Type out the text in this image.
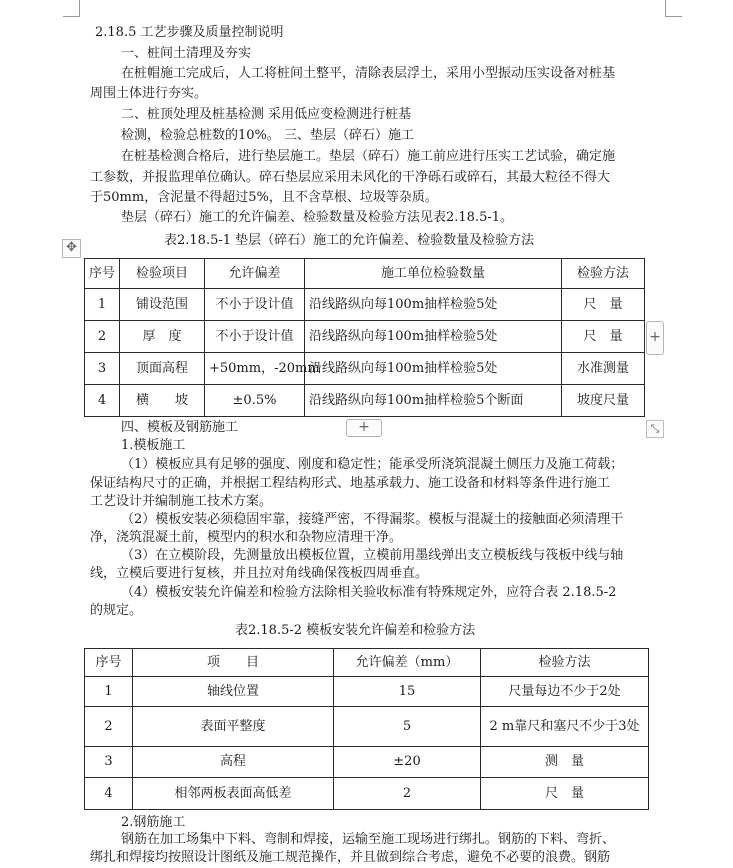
2.18.5 工艺步骤及质量控制说明
一、桩间土清理及夯实
在桩帽施工完成后，人工将桩间土整平，清除表层浮土，采用小型振动压实设备对桩基
周围土体进行夯实。
二、桩顶处理及桩基检测 采用低应变检测进行桩基
检测，检验总桩数的10%。 三、垫层（碎石）施工
在桩基检测合格后，进行垫层施工。垫层（碎石）施工前应进行压实工艺试验，确定施
工参数，并报监理单位确认。碎石垫层应采用未风化的干净砾石或碎石，其最大粒径不得大
于50mm，含泥量不得超过5%，且不含草根、垃圾等杂质。
垫层（碎石）施工的允许偏差、检验数量及检验方法见表2.18.5-1。
表2.18.5-1 垫层（碎石）施工的允许偏差、检验数量及检验方法
✥
序号	检验项目	允许偏差	施工单位检验数量	检验方法
1	铺设范围	不小于设计值	沿线路纵向每100m抽样检验5处	尺　量
2	厚　度	不小于设计值	沿线路纵向每100m抽样检验5处	尺　量
3	顶面高程	+50mm，-20mm	沿线路纵向每100m抽样检验5处	水准测量
4	横　　坡	±0.5%	沿线路纵向每100m抽样检验5个断面	坡度尺量
+
+	⤡
四、模板及钢筋施工
1.模板施工
（1）模板应具有足够的强度、刚度和稳定性；能承受所浇筑混凝土侧压力及施工荷载；
保证结构尺寸的正确，并根据工程结构形式、地基承载力、施工设备和材料等条件进行施工
工艺设计并编制施工技术方案。
（2）模板安装必须稳固牢靠，接缝严密，不得漏浆。模板与混凝土的接触面必须清理干
净，浇筑混凝土前，模型内的积水和杂物应清理干净。
（3）在立模阶段，先测量放出模板位置，立模前用墨线弹出支立模板线与筏板中线与轴
线，立模后要进行复核，并且拉对角线确保筏板四周垂直。
（4）模板安装允许偏差和检验方法除相关验收标准有特殊规定外，应符合表 2.18.5-2
的规定。
表2.18.5-2 模板安装允许偏差和检验方法
序号	项　　目	允许偏差（mm）	检验方法
1	轴线位置	15	尺量每边不少于2处
2	表面平整度	5	2 m靠尺和塞尺不少于3处
3	高程	±20	测　量
4	相邻两板表面高低差	2	尺　量
2.钢筋施工
钢筋在加工场集中下料、弯制和焊接，运输至施工现场进行绑扎。钢筋的下料、弯折、
绑扎和焊接均按照设计图纸及施工规范操作，并且做到综合考虑，避免不必要的浪费。钢筋
